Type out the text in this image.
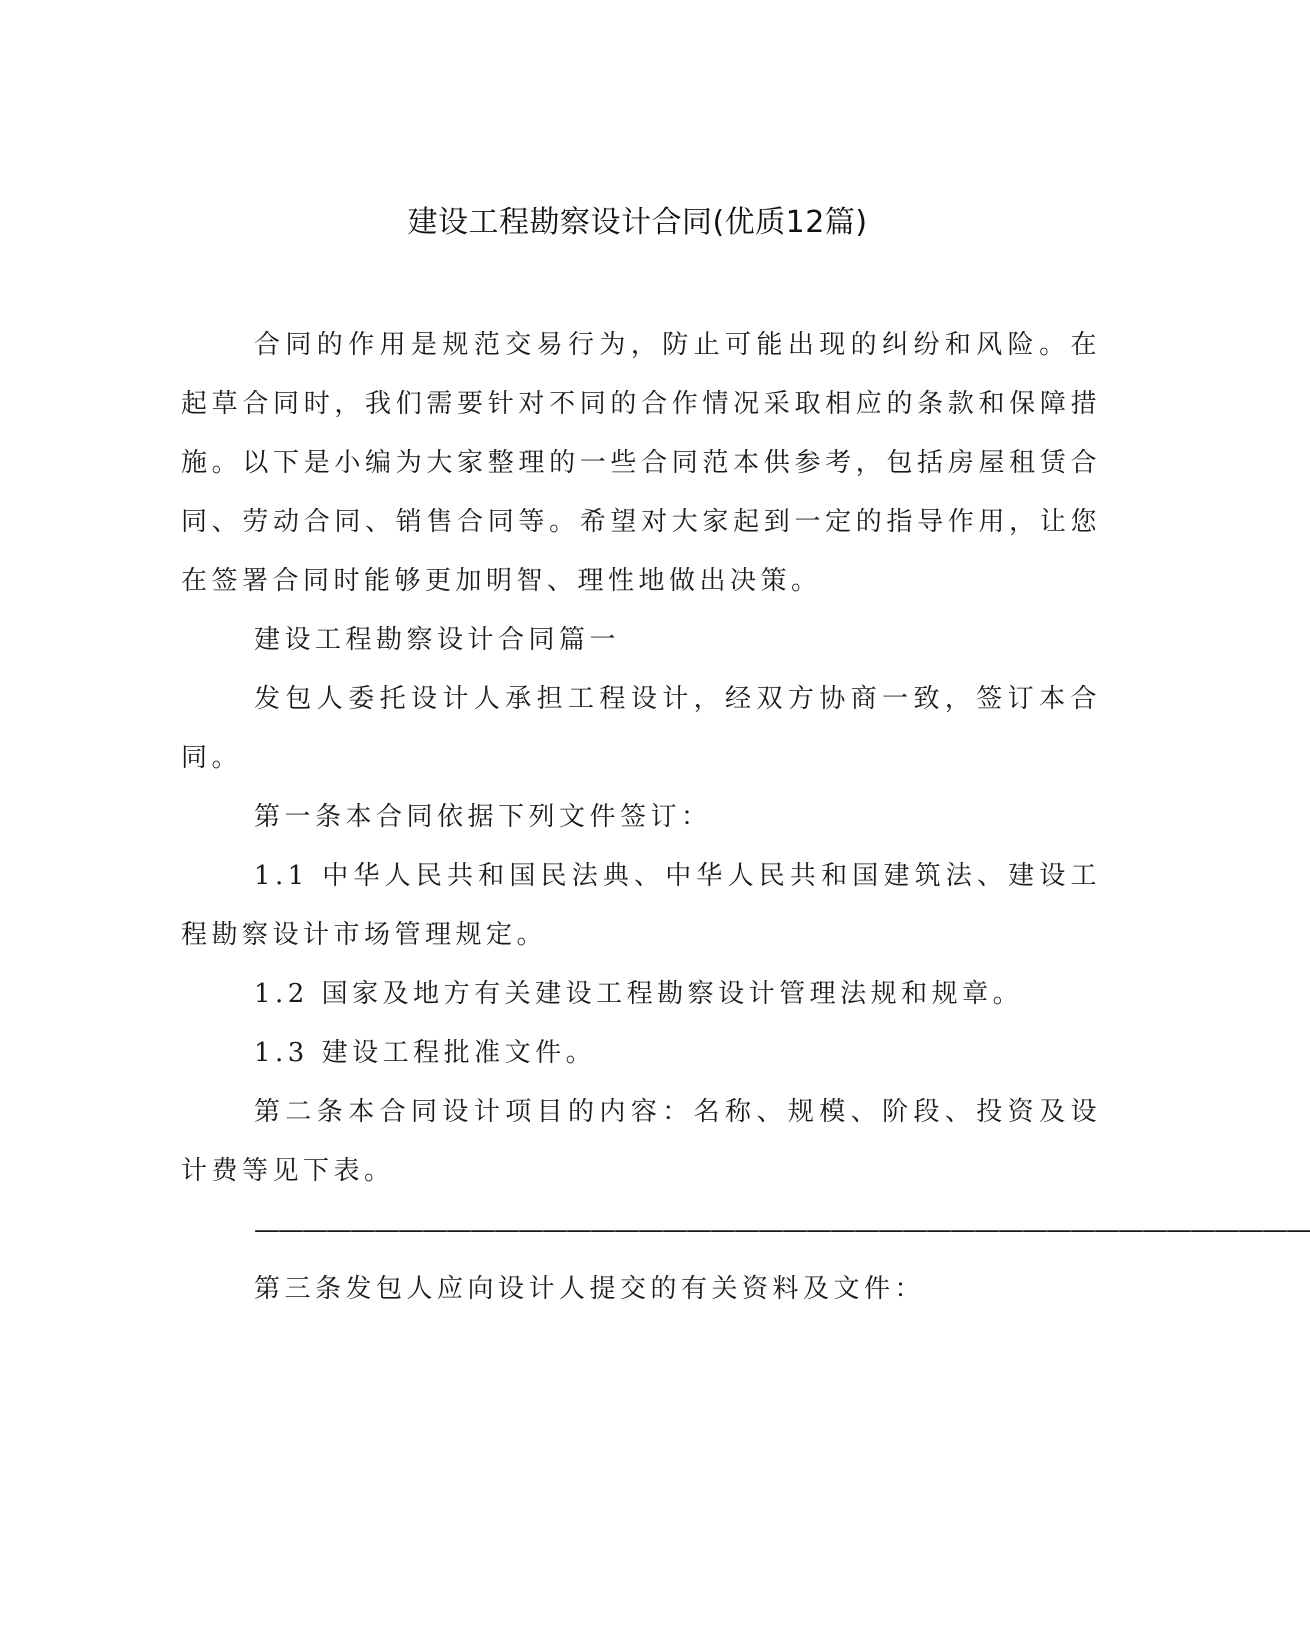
建设工程勘察设计合同(优质12篇)

合同的作用是规范交易行为，防止可能出现的纠纷和风险。在起草合同时，我们需要针对不同的合作情况采取相应的条款和保障措施。以下是小编为大家整理的一些合同范本供参考，包括房屋租赁合同、劳动合同、销售合同等。希望对大家起到一定的指导作用，让您在签署合同时能够更加明智、理性地做出决策。

建设工程勘察设计合同篇一

发包人委托设计人承担工程设计，经双方协商一致，签订本合同。

第一条本合同依据下列文件签订：

1.1 中华人民共和国民法典、中华人民共和国建筑法、建设工程勘察设计市场管理规定。

1.2 国家及地方有关建设工程勘察设计管理法规和规章。

1.3 建设工程批准文件。

第二条本合同设计项目的内容：名称、规模、阶段、投资及设计费等见下表。

————————————————————————————————————————————

第三条发包人应向设计人提交的有关资料及文件：
